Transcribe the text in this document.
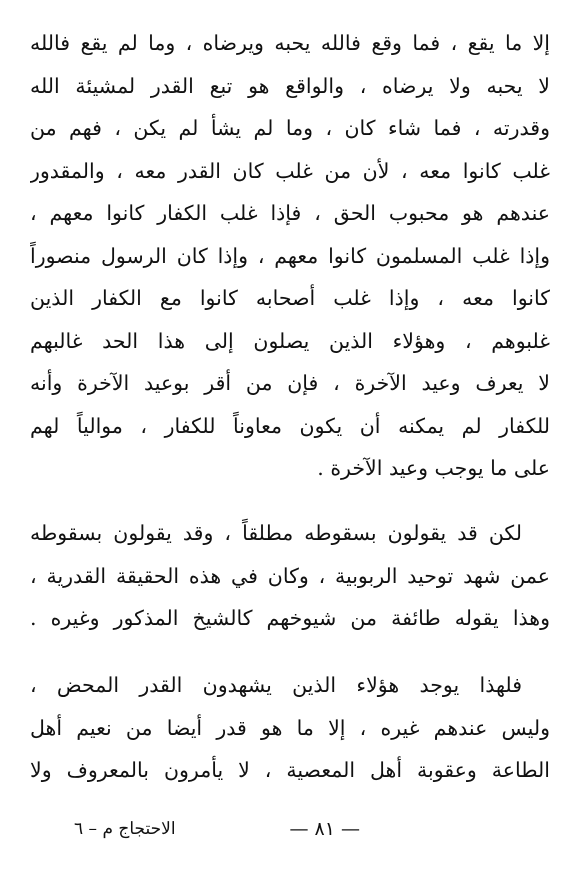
إلا ما يقع ، فما وقع فالله يحبه ويرضاه ، وما لم يقع فالله
لا يحبه ولا يرضاه ، والواقع هو تبع القدر لمشيئة الله
وقدرته ، فما شاء كان ، وما لم يشأ لم يكن ، فهم من
غلب كانوا معه ، لأن من غلب كان القدر معه ، والمقدور
عندهم هو محبوب الحق ، فإذا غلب الكفار كانوا معهم ،
وإذا غلب المسلمون كانوا معهم ، وإذا كان الرسول منصوراً
كانوا معه ، وإذا غلب أصحابه كانوا مع الكفار الذين
غلبوهم ، وهؤلاء الذين يصلون إلى هذا الحد غالبهم
لا يعرف وعيد الآخرة ، فإن من أقر بوعيد الآخرة وأنه
للكفار لم يمكنه أن يكون معاوناً للكفار ، موالياً لهم
على ما يوجب وعيد الآخرة .
لكن قد يقولون بسقوطه مطلقاً ، وقد يقولون بسقوطه
عمن شهد توحيد الربوبية ، وكان في هذه الحقيقة القدرية ،
وهذا يقوله طائفة من شيوخهم كالشيخ المذكور وغيره .
فلهذا يوجد هؤلاء الذين يشهدون القدر المحض ،
وليس عندهم غيره ، إلا ما هو قدر أيضا من نعيم أهل
الطاعة وعقوبة أهل المعصية ، لا يأمرون بالمعروف ولا
— ٨١ —
الاحتجاج م – ٦
